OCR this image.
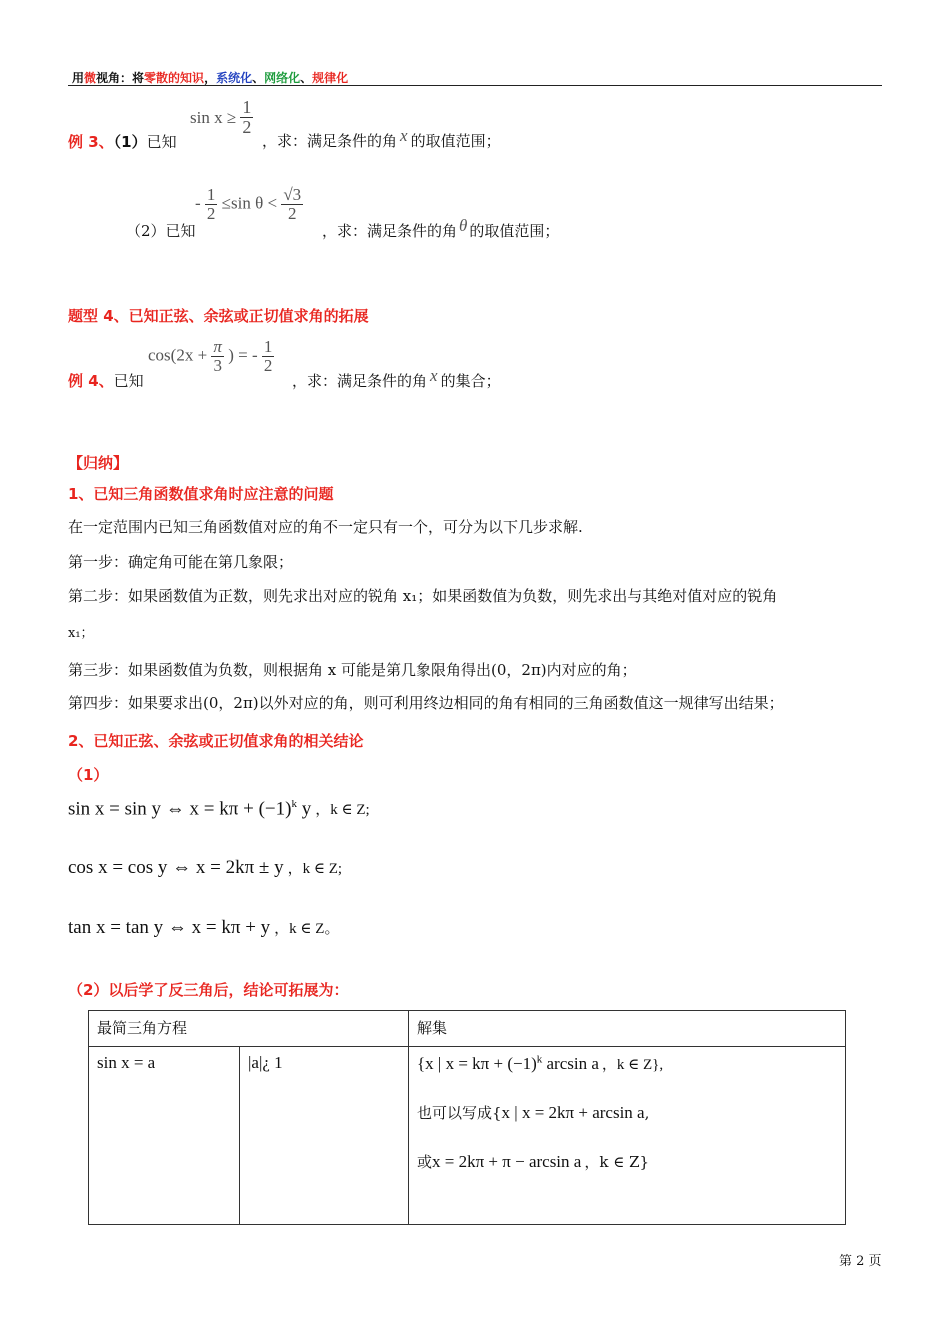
用微视角：将零散的知识，系统化、网络化、规律化
例 3、（1）已知
$\sin x \ge \frac{1}{2}$
，求：满足条件的角 x 的取值范围；
（2）已知
- $\frac{1}{2} \le\sin$ $\theta < \frac{√3}{2}$
，求：满足条件的角 θ 的取值范围；
题型 4、已知正弦、余弦或正切值求角的拓展
例 4、已知
$\cos(2x + \frac{\pi}{3}$ ) = - $\frac{1}{2}$
，求：满足条件的角 x 的集合；
【归纳】
1、已知三角函数值求角时应注意的问题
在一定范围内已知三角函数值对应的角不一定只有一个，可分为以下几步求解.
第一步：确定角可能在第几象限；
第二步：如果函数值为正数，则先求出对应的锐角 x₁；如果函数值为负数，则先求出与其绝对值对应的锐角
x₁；
第三步：如果函数值为负数，则根据角 x 可能是第几象限角得出(0，2π)内对应的角；
第四步：如果要求出(0，2π)以外对应的角，则可利用终边相同的角有相同的三角函数值这一规律写出结果；
2、已知正弦、余弦或正切值求角的相关结论
（1）
sin x = sin y ⇔ $x = k\pi + (-1)^k$ y ，k ∈ Z;
cos x = cos y ⇔ x = 2kπ ± y ，k ∈ Z;
tan x = tan y ⇔ x = kπ + y ，k ∈ Z。
（2）以后学了反三角后，结论可拓展为：
最简三角方程		解集
sin x = a	|a|¿ 1	{x | $x = k\pi + (-1)^k$ arcsin a ，k ∈ Z},
也可以写成{x | x = 2kπ + arcsin a,
或x = 2kπ + π − arcsin a ，k ∈ Z}
第 2 页
